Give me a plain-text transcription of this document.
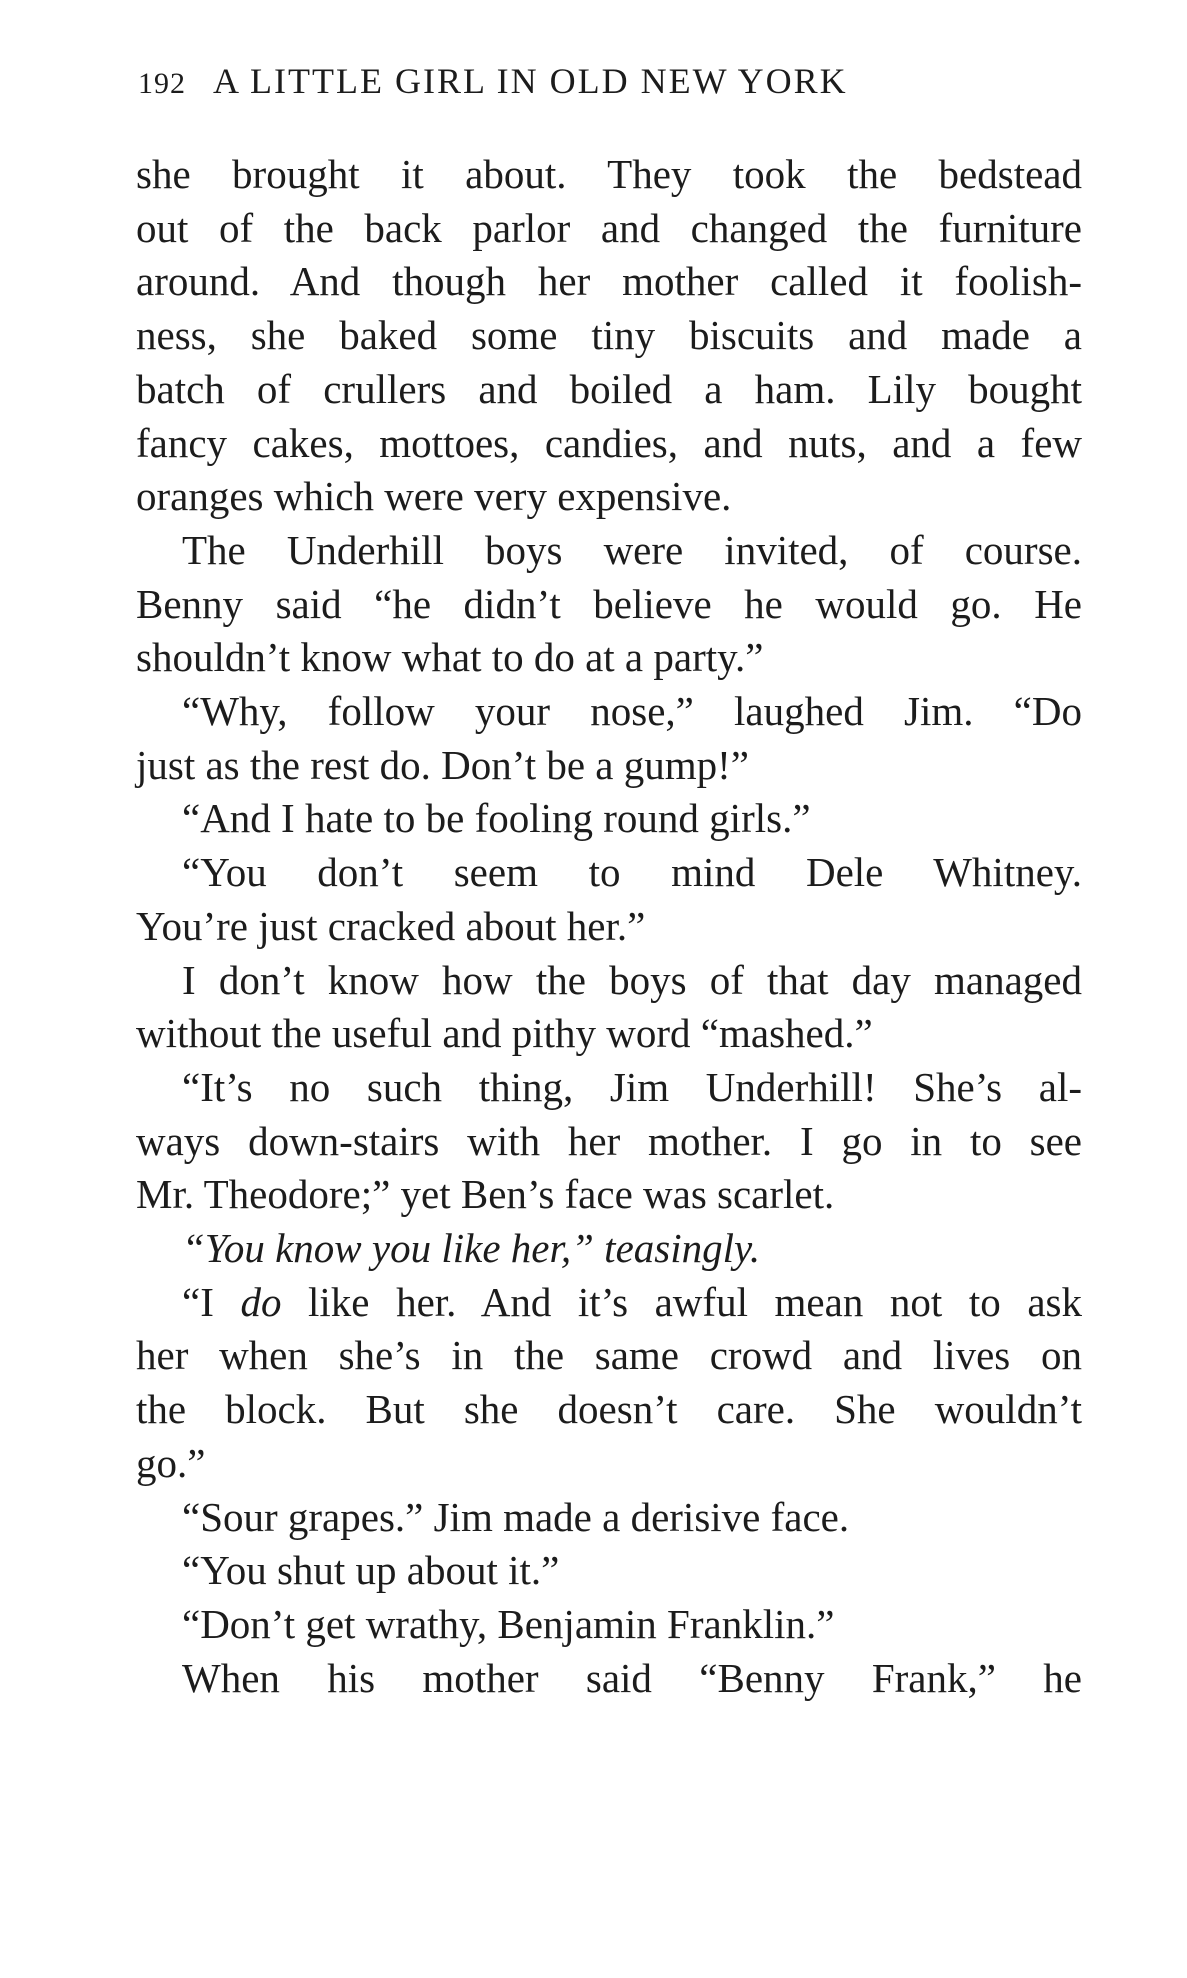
192 A LITTLE GIRL IN OLD NEW YORK
she brought it about. They took the bedstead
out of the back parlor and changed the furniture
around. And though her mother called it foolish-
ness, she baked some tiny biscuits and made a
batch of crullers and boiled a ham. Lily bought
fancy cakes, mottoes, candies, and nuts, and a few
oranges which were very expensive.
The Underhill boys were invited, of course.
Benny said “he didn’t believe he would go. He
shouldn’t know what to do at a party.”
“Why, follow your nose,” laughed Jim. “Do
just as the rest do. Don’t be a gump!”
“And I hate to be fooling round girls.”
“You don’t seem to mind Dele Whitney.
You’re just cracked about her.”
I don’t know how the boys of that day managed
without the useful and pithy word “mashed.”
“It’s no such thing, Jim Underhill! She’s al-
ways down-stairs with her mother. I go in to see
Mr. Theodore;” yet Ben’s face was scarlet.
“You know you like her,” teasingly.
“I do like her. And it’s awful mean not to ask
her when she’s in the same crowd and lives on
the block. But she doesn’t care. She wouldn’t
go.”
“Sour grapes.” Jim made a derisive face.
“You shut up about it.”
“Don’t get wrathy, Benjamin Franklin.”
When his mother said “Benny Frank,” he
